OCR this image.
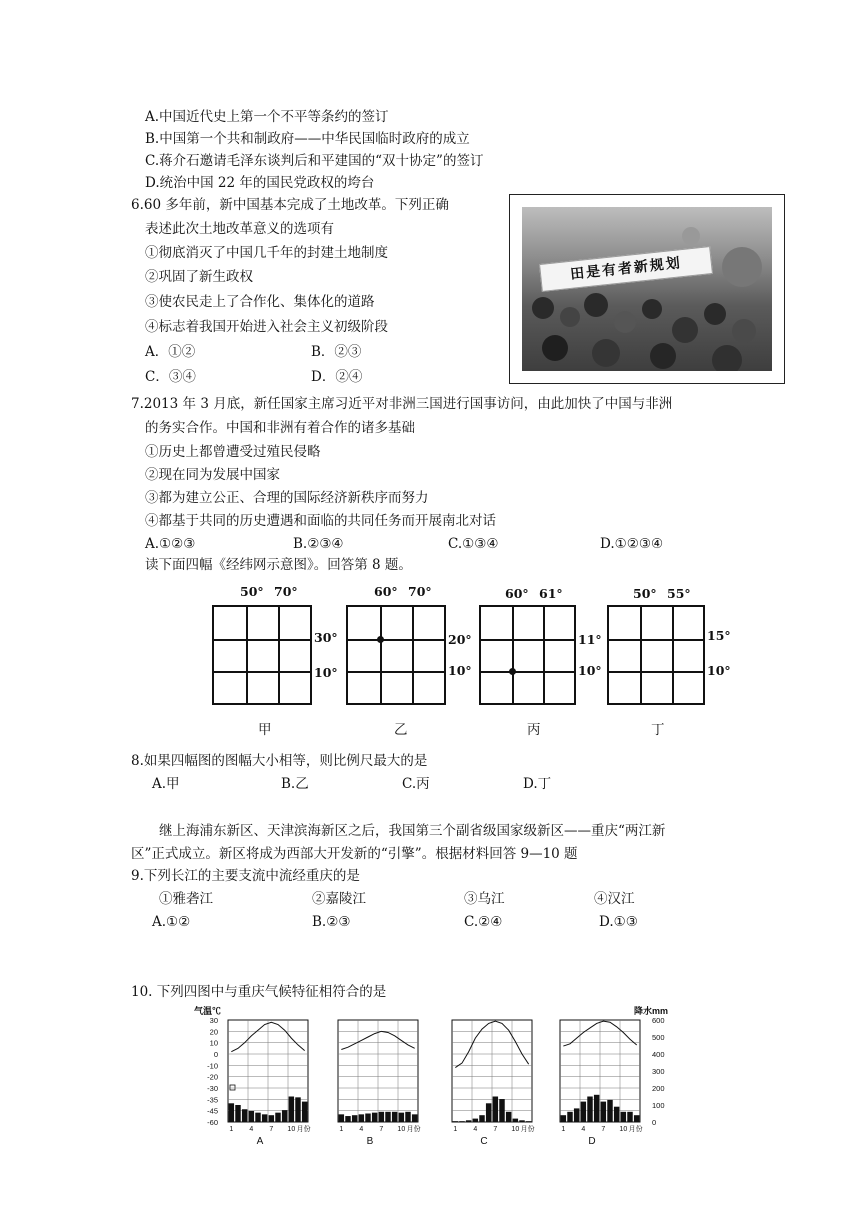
A.中国近代史上第一个不平等条约的签订
B.中国第一个共和制政府——中华民国临时政府的成立
C.蒋介石邀请毛泽东谈判后和平建国的“双十协定”的签订
D.统治中国 22 年的国民党政权的垮台
6.60 多年前，新中国基本完成了土地改革。下列正确
表述此次土地改革意义的选项有
①彻底消灭了中国几千年的封建土地制度
②巩固了新生政权
③使农民走上了合作化、集体化的道路
④标志着我国开始进入社会主义初级阶段
A．①②	B．②③
C．③④	D．②④
田是有者新规划
7.2013 年 3 月底，新任国家主席习近平对非洲三国进行国事访问，由此加快了中国与非洲
的务实合作。中国和非洲有着合作的诸多基础
①历史上都曾遭受过殖民侵略
②现在同为发展中国家
③都为建立公正、合理的国际经济新秩序而努力
④都基于共同的历史遭遇和面临的共同任务而开展南北对话
A.①②③	B.②③④	C.①③④	D.①②③④
读下面四幅《经纬网示意图》。回答第 8 题。
50° 70°
30°
10°
甲
60° 70°
20°
10°
乙
60° 61°
11°
10°
丙
50° 55°
15°
10°
丁
8.如果四幅图的图幅大小相等，则比例尺最大的是
A.甲	B.乙	C.丙	D.丁
继上海浦东新区、天津滨海新区之后，我国第三个副省级国家级新区——重庆“两江新
区”正式成立。新区将成为西部大开发新的“引擎”。根据材料回答 9—10 题
9.下列长江的主要支流中流经重庆的是
①雅砻江	②嘉陵江	③乌江	④汉江
A.①②	B.②③	C.②④	D.①③
10. 下列四图中与重庆气候特征相符合的是
气温℃	降水mm
30
20
10
0
-10
-20
-30
-35
-45
-60
600
500
400
300
200
100
0
1 4 7 10 月份
A
1 4 7 10 月份
B
1 4 7 10 月份
C
1 4 7 10 月份
D
